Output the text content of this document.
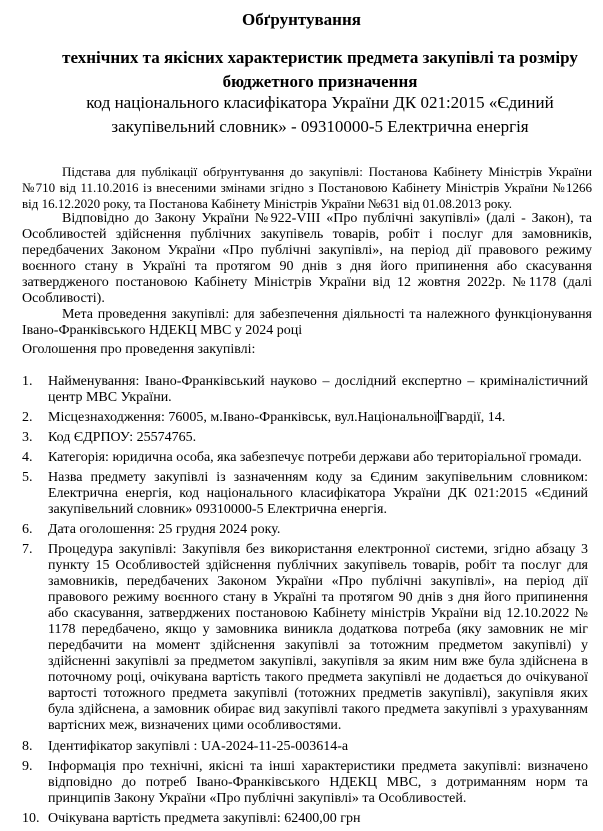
Обґрунтування
технічних та якісних характеристик предмета закупівлі та розміру бюджетного призначення
код національного класифікатора України ДК 021:2015 «Єдиний закупівельний словник» - 09310000-5 Електрична енергія
Підстава для публікації обґрунтування до закупівлі: Постанова Кабінету Міністрів України №710 від 11.10.2016 із внесеними змінами згідно з Постановою Кабінету Міністрів України №1266 від 16.12.2020 року, та Постанова Кабінету Міністрів України №631 від 01.08.2013 року.
Відповідно до Закону України №922-VIII «Про публічні закупівлі» (далі - Закон), та Особливостей здійснення публічних закупівель товарів, робіт і послуг для замовників, передбачених Законом України «Про публічні закупівлі», на період дії правового режиму воєнного стану в Україні та протягом 90 днів з дня його припинення або скасування затвердженого постановою Кабінету Міністрів України від 12 жовтня 2022р. №1178 (далі Особливості).
Мета проведення закупівлі: для забезпечення діяльності та належного функціонування Івано-Франківського НДЕКЦ МВС у 2024 році
Оголошення про проведення закупівлі:
1. Найменування: Івано-Франківський науково – дослідний експертно – криміналістичний центр МВС України.
2. Місцезнаходження: 76005, м.Івано-Франківськ, вул.НаціональноїГвардії, 14.
3. Код ЄДРПОУ: 25574765.
4. Категорія: юридична особа, яка забезпечує потреби держави або територіальної громади.
5. Назва предмету закупівлі із зазначенням коду за Єдиним закупівельним словником: Електрична енергія, код національного класифікатора України ДК 021:2015 «Єдиний закупівельний словник» 09310000-5 Електрична енергія.
6. Дата оголошення: 25 грудня 2024 року.
7. Процедура закупівлі: Закупівля без використання електронної системи, згідно абзацу 3 пункту 15 Особливостей здійснення публічних закупівель товарів, робіт та послуг для замовників, передбачених Законом України «Про публічні закупівлі», на період дії правового режиму воєнного стану в Україні та протягом 90 днів з дня його припинення або скасування, затверджених постановою Кабінету міністрів України від 12.10.2022 № 1178 передбачено, якщо у замовника виникла додаткова потреба (яку замовник не міг передбачити на момент здійснення закупівлі за тотожним предметом закупівлі) у здійсненні закупівлі за предметом закупівлі, закупівля за яким ним вже була здійснена в поточному році, очікувана вартість такого предмета закупівлі не додається до очікуваної вартості тотожного предмета закупівлі (тотожних предметів закупівлі), закупівля яких була здійснена, а замовник обирає вид закупівлі такого предмета закупівлі з урахуванням вартісних меж, визначених цими особливостями.
8. Ідентифікатор закупівлі : UA-2024-11-25-003614-a
9. Інформація про технічні, якісні та інші характеристики предмета закупівлі: визначено відповідно до потреб Івано-Франківського НДЕКЦ МВС, з дотриманням норм та принципів Закону України «Про публічні закупівлі» та Особливостей.
10. Очікувана вартість предмета закупівлі: 62400,00 грн
